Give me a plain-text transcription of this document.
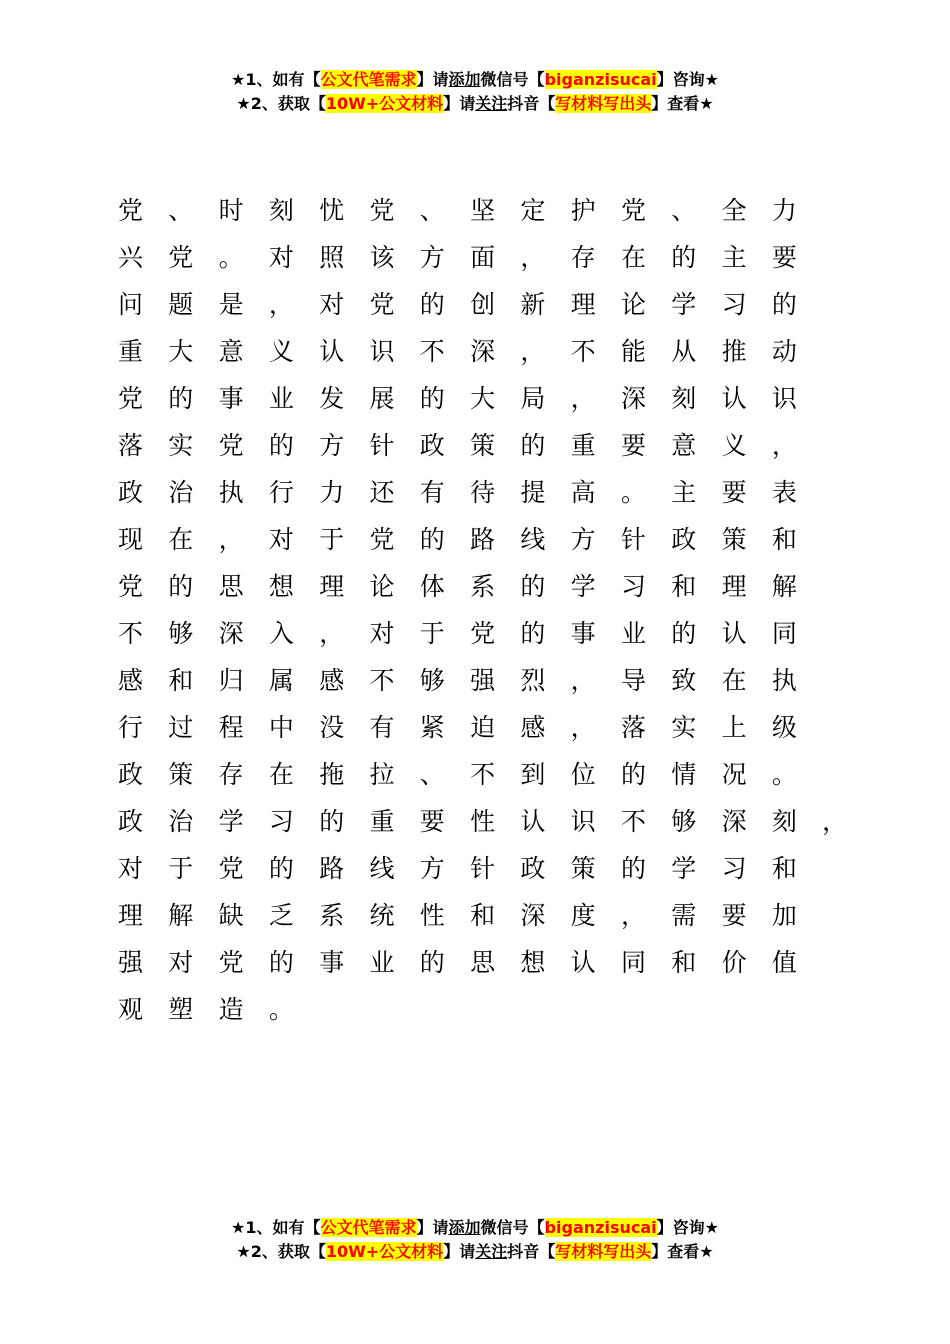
★1、如有【公文代笔需求】请添加微信号【biganzisucai】咨询★
★2、获取【10W+公文材料】请关注抖音【写材料写出头】查看★
党	、	时	刻	忧	党	、	坚	定	护	党	、	全	力
兴	党	。	对	照	该	方	面	，	存	在	的	主	要
问	题	是	，	对	党	的	创	新	理	论	学	习	的
重	大	意	义	认	识	不	深	，	不	能	从	推	动
党	的	事	业	发	展	的	大	局	，	深	刻	认	识
落	实	党	的	方	针	政	策	的	重	要	意	义	，
政	治	执	行	力	还	有	待	提	高	。	主	要	表
现	在	，	对	于	党	的	路	线	方	针	政	策	和
党	的	思	想	理	论	体	系	的	学	习	和	理	解
不	够	深	入	，	对	于	党	的	事	业	的	认	同
感	和	归	属	感	不	够	强	烈	，	导	致	在	执
行	过	程	中	没	有	紧	迫	感	，	落	实	上	级
政	策	存	在	拖	拉	、	不	到	位	的	情	况	。
政	治	学	习	的	重	要	性	认	识	不	够	深	刻	，
对	于	党	的	路	线	方	针	政	策	的	学	习	和
理	解	缺	乏	系	统	性	和	深	度	，	需	要	加
强	对	党	的	事	业	的	思	想	认	同	和	价	值
观	塑	造	。
★1、如有【公文代笔需求】请添加微信号【biganzisucai】咨询★
★2、获取【10W+公文材料】请关注抖音【写材料写出头】查看★
